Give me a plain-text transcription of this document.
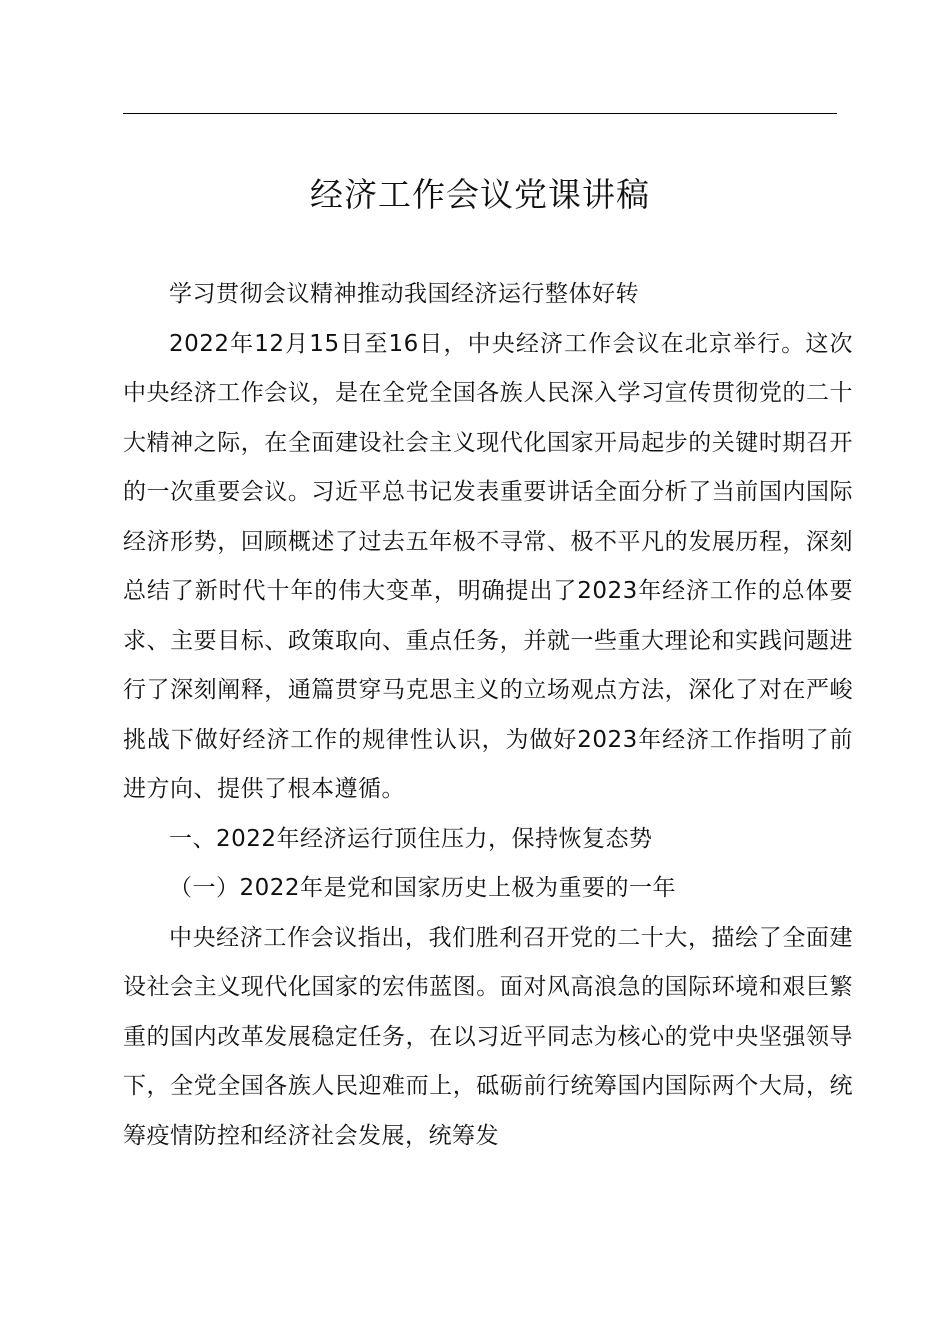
经济工作会议党课讲稿

学习贯彻会议精神推动我国经济运行整体好转

2022年12月15日至16日，中央经济工作会议在北京举行。这次中央经济工作会议，是在全党全国各族人民深入学习宣传贯彻党的二十大精神之际，在全面建设社会主义现代化国家开局起步的关键时期召开的一次重要会议。习近平总书记发表重要讲话全面分析了当前国内国际经济形势，回顾概述了过去五年极不寻常、极不平凡的发展历程，深刻总结了新时代十年的伟大变革，明确提出了2023年经济工作的总体要求、主要目标、政策取向、重点任务，并就一些重大理论和实践问题进行了深刻阐释，通篇贯穿马克思主义的立场观点方法，深化了对在严峻挑战下做好经济工作的规律性认识，为做好2023年经济工作指明了前进方向、提供了根本遵循。

一、2022年经济运行顶住压力，保持恢复态势

（一）2022年是党和国家历史上极为重要的一年

中央经济工作会议指出，我们胜利召开党的二十大，描绘了全面建设社会主义现代化国家的宏伟蓝图。面对风高浪急的国际环境和艰巨繁重的国内改革发展稳定任务，在以习近平同志为核心的党中央坚强领导下，全党全国各族人民迎难而上，砥砺前行统筹国内国际两个大局，统筹疫情防控和经济社会发展，统筹发
